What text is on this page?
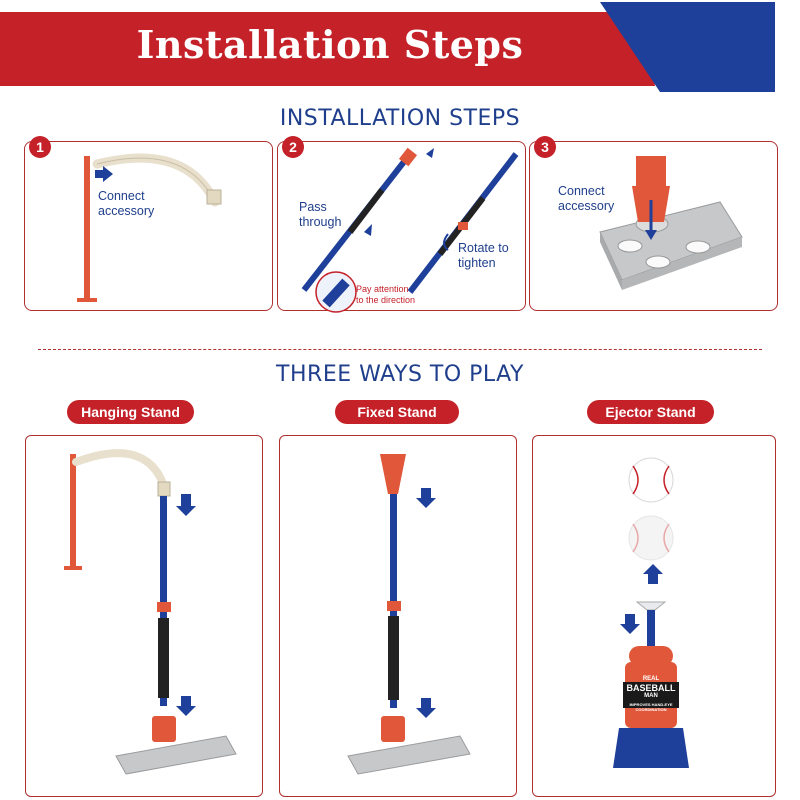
Installation Steps
INSTALLATION STEPS
1
Connect
accessory
2
Pass
through
Rotate to
tighten
Pay attention
to the direction
3
Connect
accessory
THREE WAYS TO PLAY
Hanging Stand	Fixed Stand	Ejector Stand
REAL
BASEBALL
MAN
IMPROVES HAND-EYE
COORDINATION
